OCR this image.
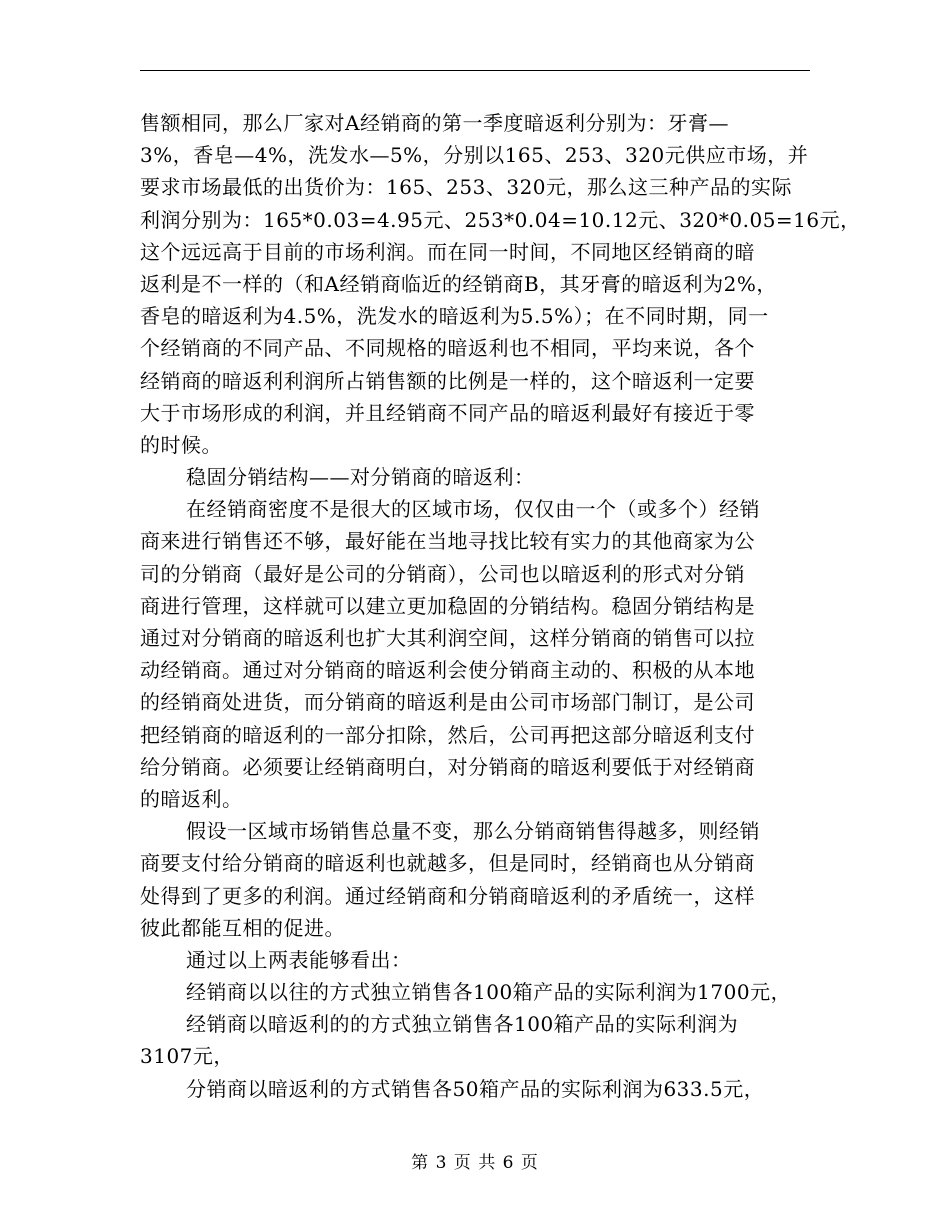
售额相同，那么厂家对A经销商的第一季度暗返利分别为：牙膏—
3%，香皂—4%，洗发水—5%，分别以165、253、320元供应市场，并
要求市场最低的出货价为：165、253、320元，那么这三种产品的实际
利润分别为：165*0.03=4.95元、253*0.04=10.12元、320*0.05=16元，
这个远远高于目前的市场利润。而在同一时间，不同地区经销商的暗
返利是不一样的（和A经销商临近的经销商B，其牙膏的暗返利为2%，
香皂的暗返利为4.5%，洗发水的暗返利为5.5%）；在不同时期，同一
个经销商的不同产品、不同规格的暗返利也不相同，平均来说，各个
经销商的暗返利利润所占销售额的比例是一样的，这个暗返利一定要
大于市场形成的利润，并且经销商不同产品的暗返利最好有接近于零
的时候。
稳固分销结构——对分销商的暗返利：
在经销商密度不是很大的区域市场，仅仅由一个（或多个）经销
商来进行销售还不够，最好能在当地寻找比较有实力的其他商家为公
司的分销商（最好是公司的分销商），公司也以暗返利的形式对分销
商进行管理，这样就可以建立更加稳固的分销结构。稳固分销结构是
通过对分销商的暗返利也扩大其利润空间，这样分销商的销售可以拉
动经销商。通过对分销商的暗返利会使分销商主动的、积极的从本地
的经销商处进货，而分销商的暗返利是由公司市场部门制订，是公司
把经销商的暗返利的一部分扣除，然后，公司再把这部分暗返利支付
给分销商。必须要让经销商明白，对分销商的暗返利要低于对经销商
的暗返利。
假设一区域市场销售总量不变，那么分销商销售得越多，则经销
商要支付给分销商的暗返利也就越多，但是同时，经销商也从分销商
处得到了更多的利润。通过经销商和分销商暗返利的矛盾统一，这样
彼此都能互相的促进。
通过以上两表能够看出：
经销商以以往的方式独立销售各100箱产品的实际利润为1700元，
经销商以暗返利的的方式独立销售各100箱产品的实际利润为
3107元，
分销商以暗返利的方式销售各50箱产品的实际利润为633.5元，
第 3 页 共 6 页
